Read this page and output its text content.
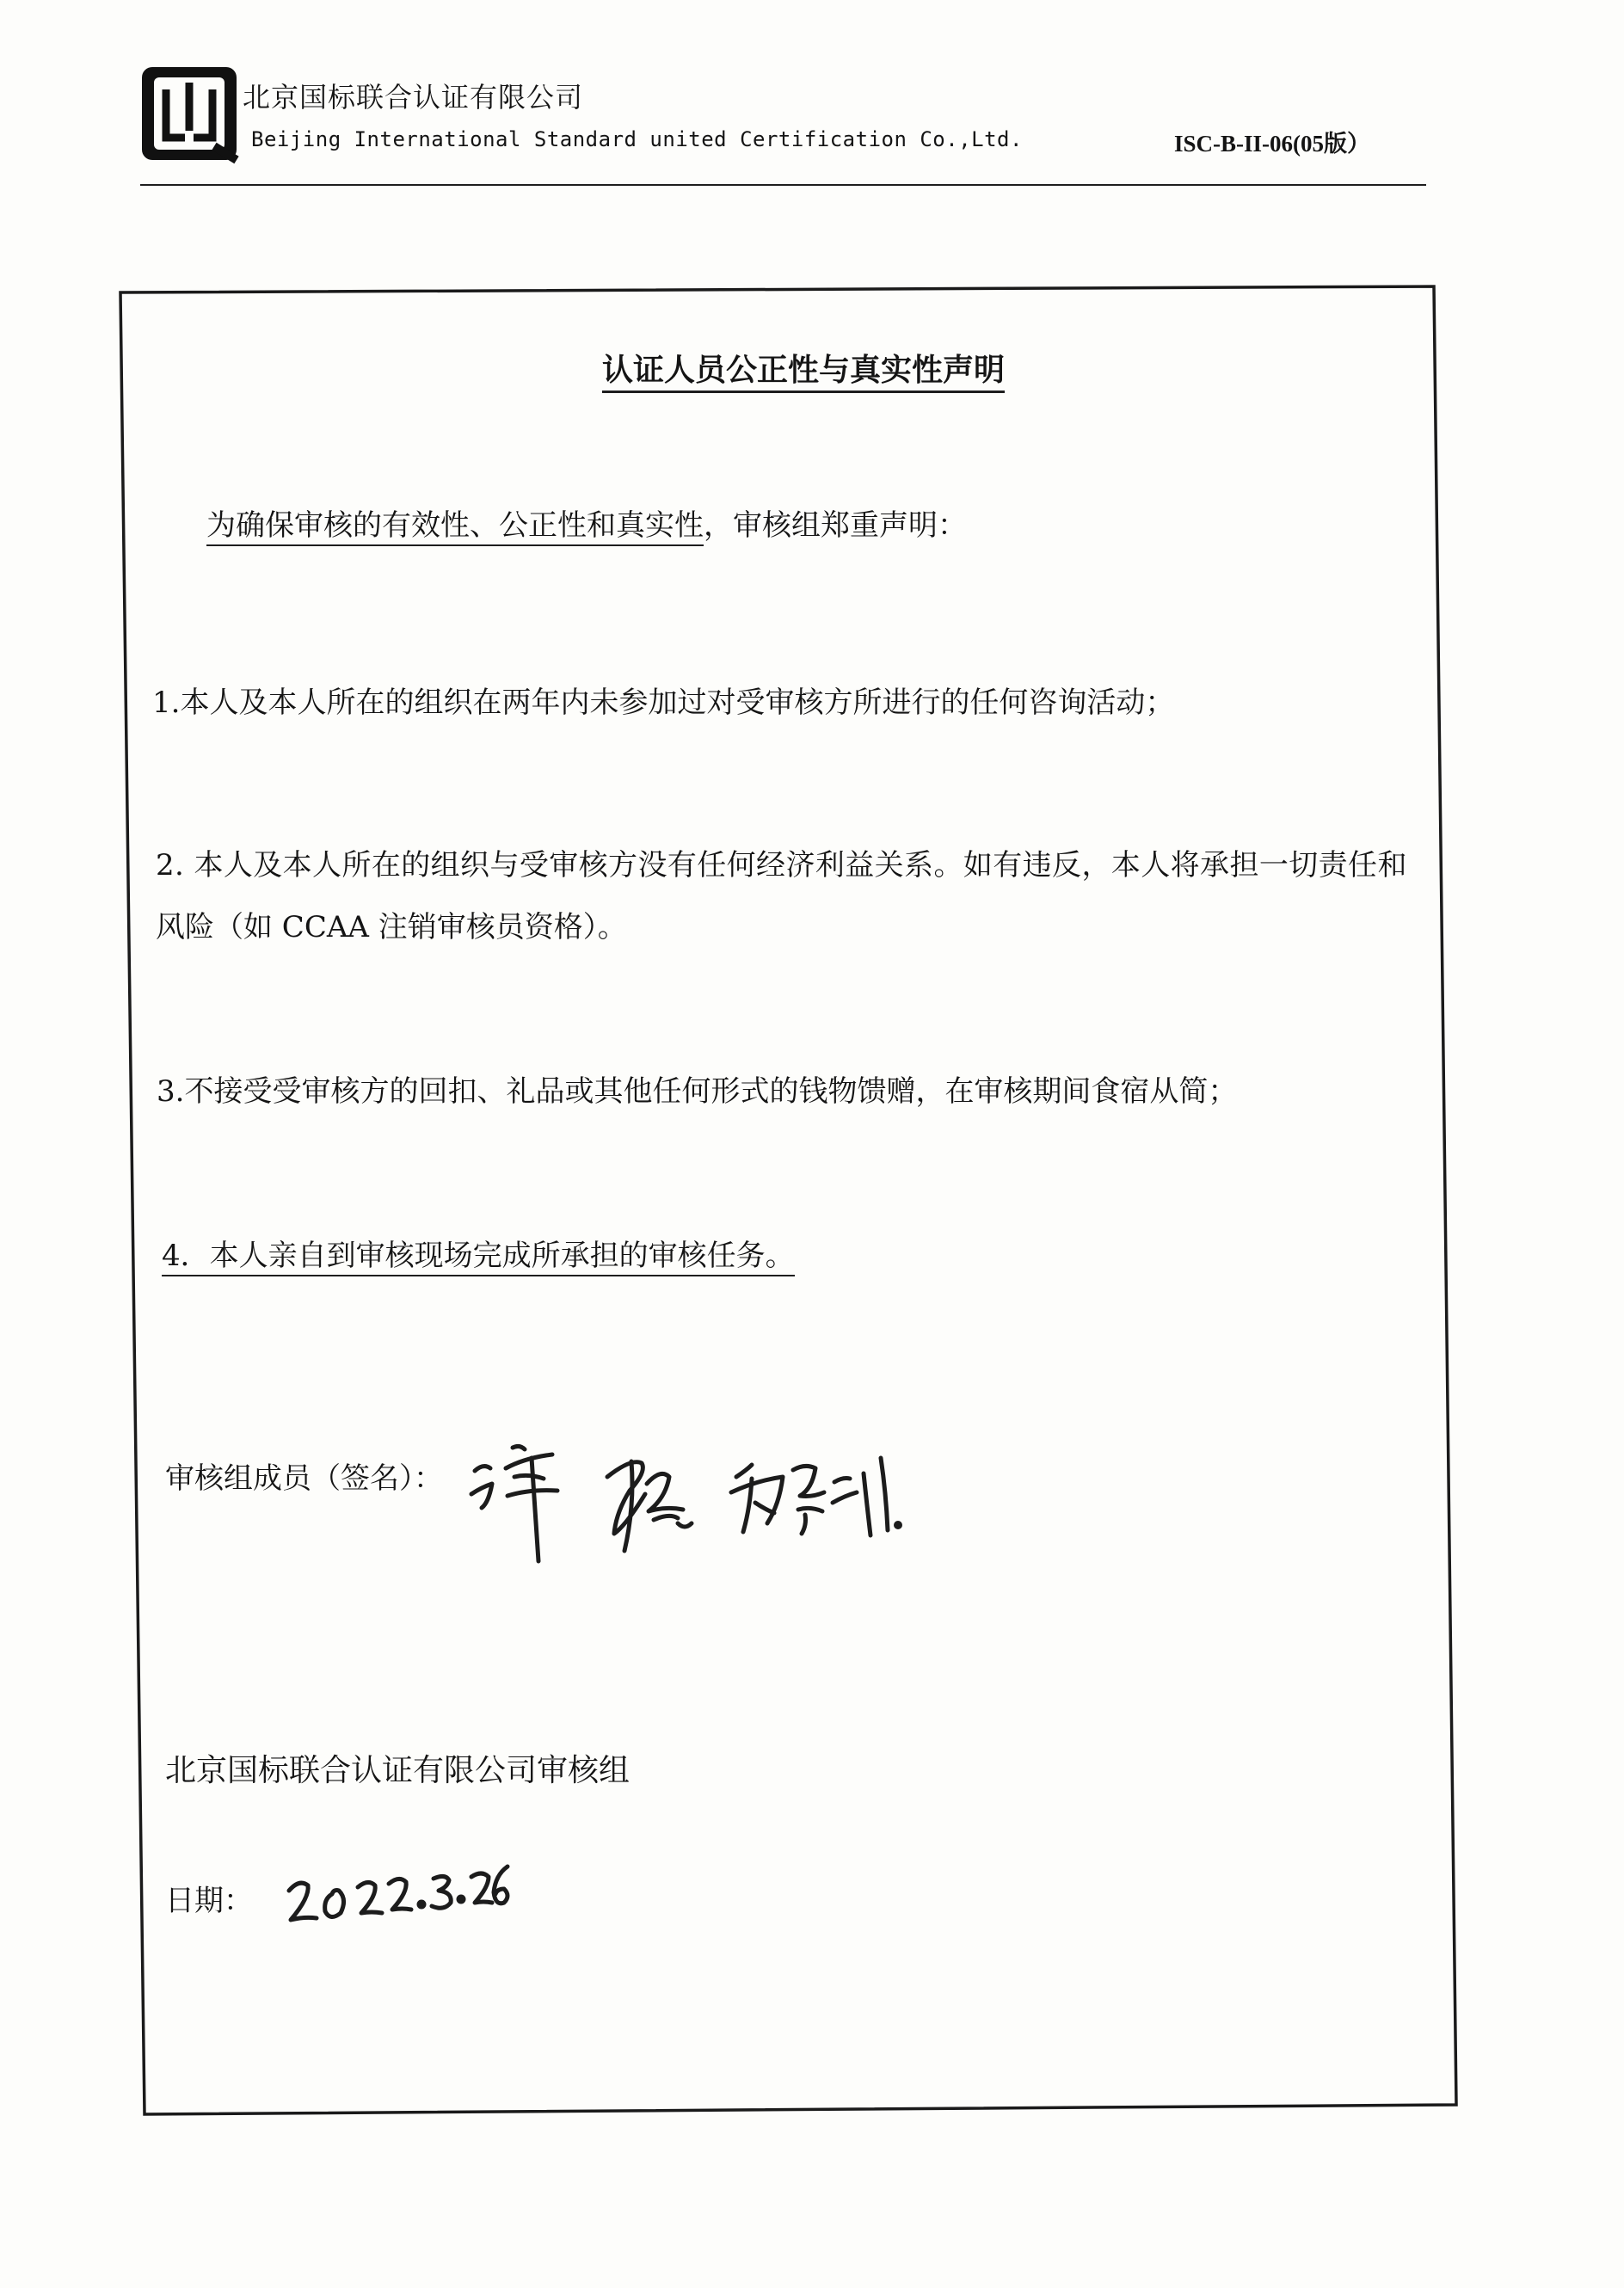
北京国标联合认证有限公司
Beijing International Standard united Certification Co.,Ltd.	ISC-B-II-06(05版）
认证人员公正性与真实性声明
为确保审核的有效性、公正性和真实性，审核组郑重声明：
1.本人及本人所在的组织在两年内未参加过对受审核方所进行的任何咨询活动；
2. 本人及本人所在的组织与受审核方没有任何经济利益关系。如有违反，本人将承担一切责任和
风险（如 CCAA 注销审核员资格）。
3.不接受受审核方的回扣、礼品或其他任何形式的钱物馈赠，在审核期间食宿从简；
4．本人亲自到审核现场完成所承担的审核任务。
审核组成员（签名）：
北京国标联合认证有限公司审核组
日期：
